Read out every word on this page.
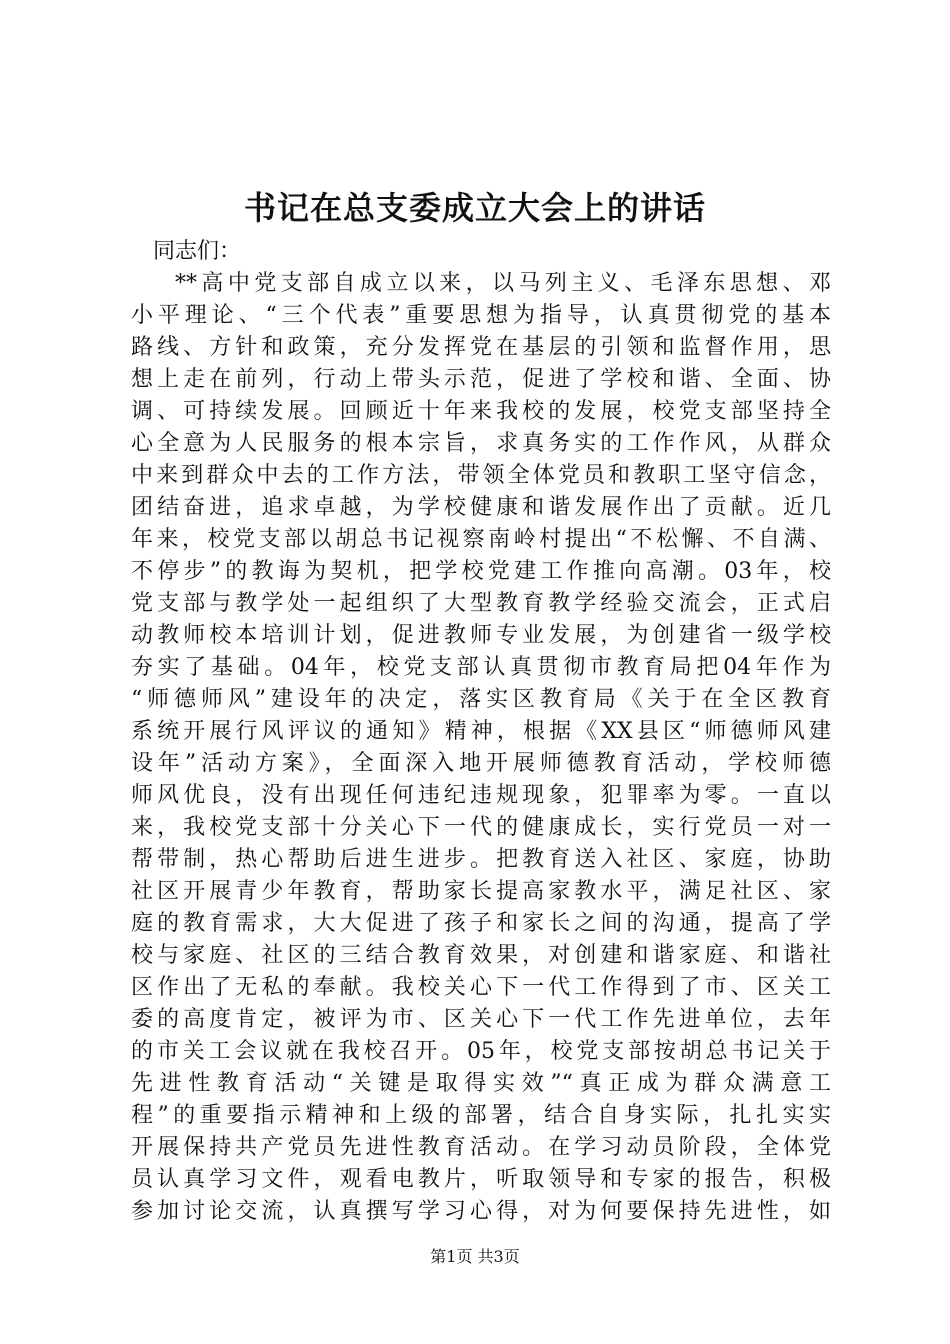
书记在总支委成立大会上的讲话
同志们：
**高中党支部自成立以来，以马列主义、毛泽东思想、邓
小平理论、“三个代表”重要思想为指导，认真贯彻党的基本
路线、方针和政策，充分发挥党在基层的引领和监督作用，思
想上走在前列，行动上带头示范，促进了学校和谐、全面、协
调、可持续发展。回顾近十年来我校的发展，校党支部坚持全
心全意为人民服务的根本宗旨，求真务实的工作作风，从群众
中来到群众中去的工作方法，带领全体党员和教职工坚守信念，
团结奋进，追求卓越，为学校健康和谐发展作出了贡献。近几
年来，校党支部以胡总书记视察南岭村提出“不松懈、不自满、
不停步”的教诲为契机，把学校党建工作推向高潮。03年，校
党支部与教学处一起组织了大型教育教学经验交流会，正式启
动教师校本培训计划，促进教师专业发展，为创建省一级学校
夯实了基础。04年，校党支部认真贯彻市教育局把04年作为
“师德师风”建设年的决定，落实区教育局《关于在全区教育
系统开展行风评议的通知》精神，根据《XX县区“师德师风建
设年”活动方案》，全面深入地开展师德教育活动，学校师德
师风优良，没有出现任何违纪违规现象，犯罪率为零。一直以
来，我校党支部十分关心下一代的健康成长，实行党员一对一
帮带制，热心帮助后进生进步。把教育送入社区、家庭，协助
社区开展青少年教育，帮助家长提高家教水平，满足社区、家
庭的教育需求，大大促进了孩子和家长之间的沟通，提高了学
校与家庭、社区的三结合教育效果，对创建和谐家庭、和谐社
区作出了无私的奉献。我校关心下一代工作得到了市、区关工
委的高度肯定，被评为市、区关心下一代工作先进单位，去年
的市关工会议就在我校召开。05年，校党支部按胡总书记关于
先进性教育活动“关键是取得实效”“真正成为群众满意工
程”的重要指示精神和上级的部署，结合自身实际，扎扎实实
开展保持共产党员先进性教育活动。在学习动员阶段，全体党
员认真学习文件，观看电教片，听取领导和专家的报告，积极
参加讨论交流，认真撰写学习心得，对为何要保持先进性，如
第1页 共3页
